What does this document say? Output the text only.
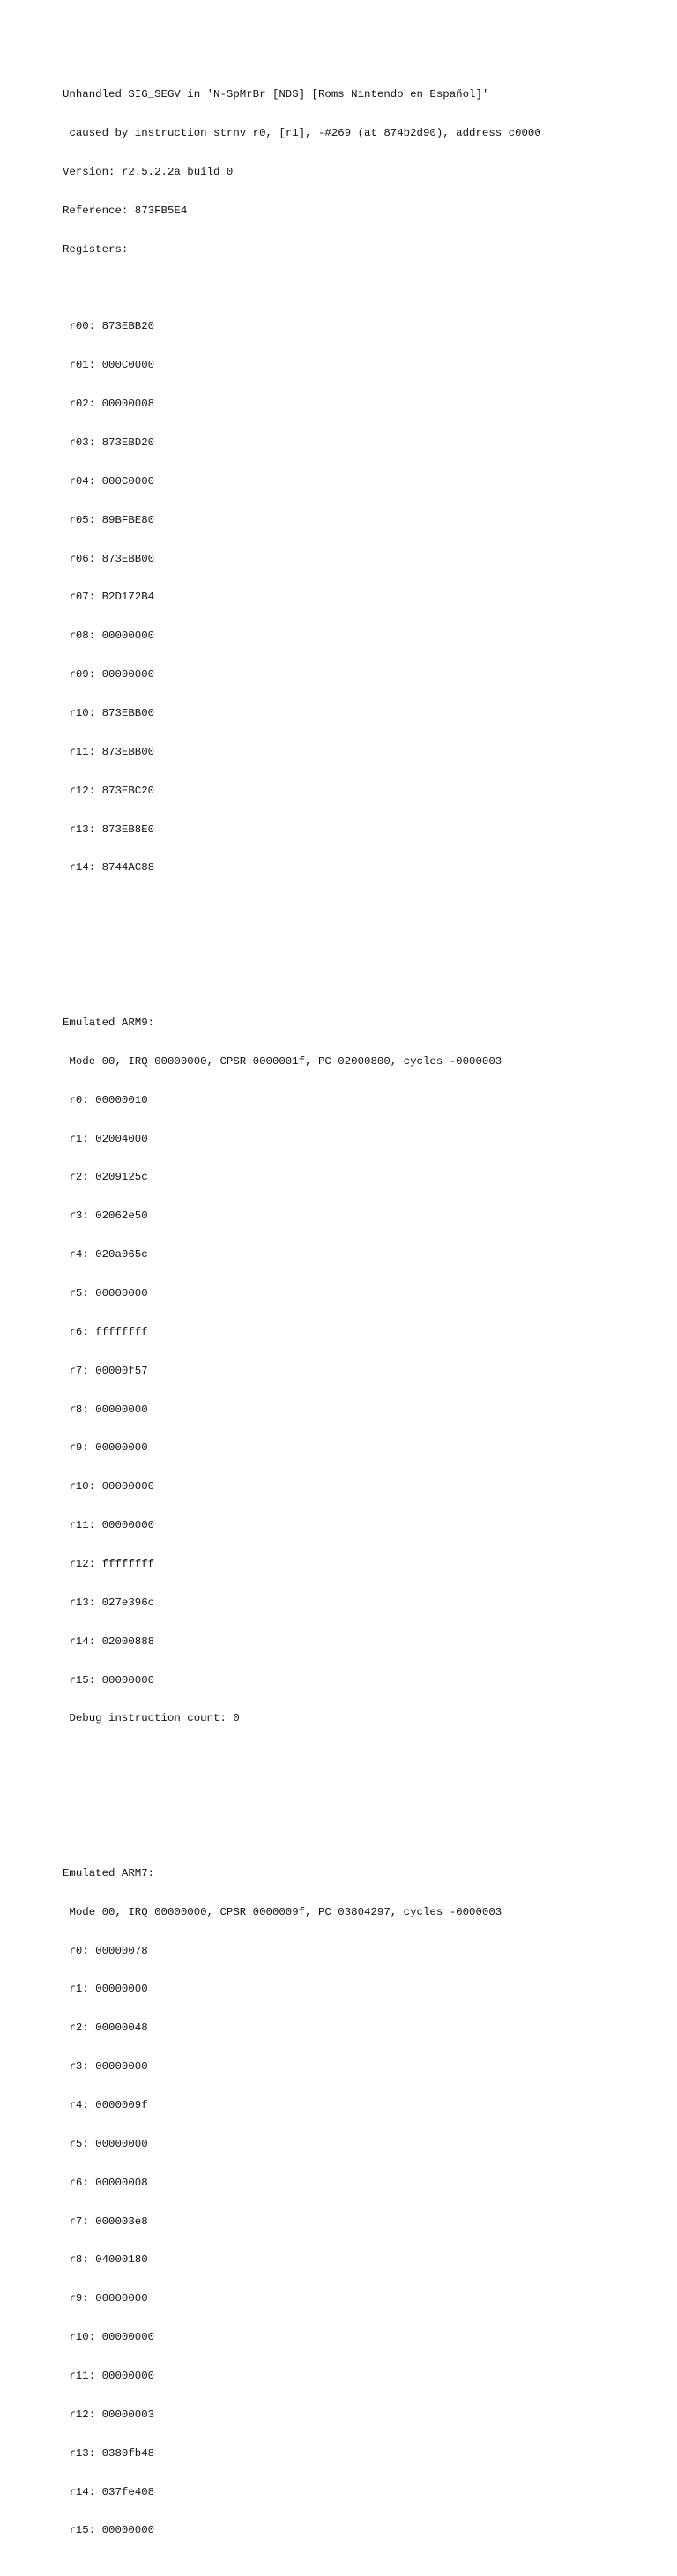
Unhandled SIG_SEGV in 'N-SpMrBr [NDS] [Roms Nintendo en Español]'

caused by instruction strnv r0, [r1], -#269 (at 874b2d90), address c0000

Version: r2.5.2.2a build 0

Reference: 873FB5E4

Registers:

r00: 873EBB20

r01: 000C0000

r02: 00000008

r03: 873EBD20

r04: 000C0000

r05: 89BFBE80

r06: 873EBB00

r07: B2D172B4

r08: 00000000

r09: 00000000

r10: 873EBB00

r11: 873EBB00

r12: 873EBC20

r13: 873EB8E0

r14: 8744AC88

Emulated ARM9:

Mode 00, IRQ 00000000, CPSR 0000001f, PC 02000800, cycles -0000003

r0: 00000010

r1: 02004000

r2: 0209125c

r3: 02062e50

r4: 020a065c

r5: 00000000

r6: ffffffff

r7: 00000f57

r8: 00000000

r9: 00000000

r10: 00000000

r11: 00000000

r12: ffffffff

r13: 027e396c

r14: 02000888

r15: 00000000

Debug instruction count: 0

Emulated ARM7:

Mode 00, IRQ 00000000, CPSR 0000009f, PC 03804297, cycles -0000003

r0: 00000078

r1: 00000000

r2: 00000048

r3: 00000000

r4: 0000009f

r5: 00000000

r6: 00000008

r7: 000003e8

r8: 04000180

r9: 00000000

r10: 00000000

r11: 00000000

r12: 00000003

r13: 0380fb48

r14: 037fe408

r15: 00000000
